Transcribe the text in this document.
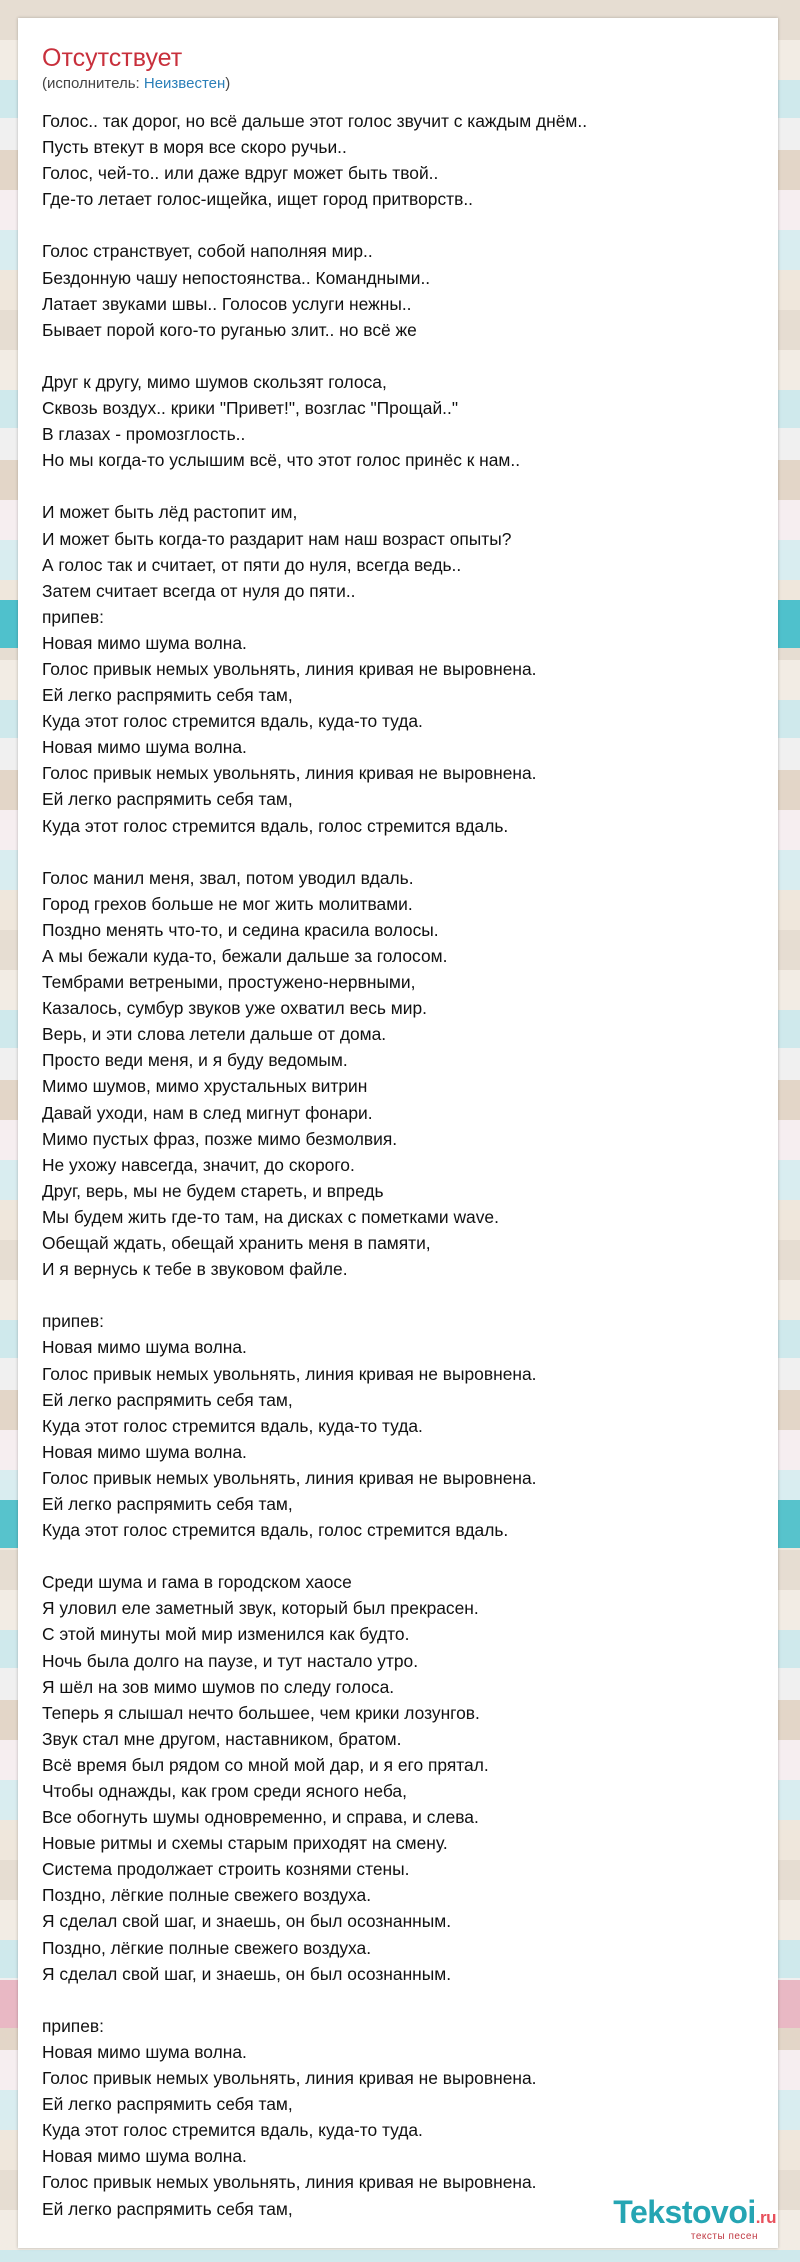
Отсутствует
(исполнитель: Неизвестен)
Голос.. так дорог, но всё дальше этот голос звучит с каждым днём..
Пусть втекут в моря все скоро ручьи..
Голос, чей-то.. или даже вдруг может быть твой..
Где-то летает голос-ищейка, ищет город притворств..
Голос странствует, собой наполняя мир..
Бездонную чашу непостоянства.. Командными..
Латает звуками швы.. Голосов услуги нежны..
Бывает порой кого-то руганью злит.. но всё же
Друг к другу, мимо шумов скользят голоса,
Сквозь воздух.. крики "Привет!", возглас "Прощай.."
В глазах - промозглость..
Но мы когда-то услышим всё, что этот голос принёс к нам..
И может быть лёд растопит им,
И может быть когда-то раздарит нам наш возраст опыты?
А голос так и считает, от пяти до нуля, всегда ведь..
Затем считает всегда от нуля до пяти..
припев:
Новая мимо шума волна.
Голос привык немых увольнять, линия кривая не выровнена.
Ей легко распрямить себя там,
Куда этот голос стремится вдаль, куда-то туда.
Новая мимо шума волна.
Голос привык немых увольнять, линия кривая не выровнена.
Ей легко распрямить себя там,
Куда этот голос стремится вдаль, голос стремится вдаль.
Голос манил меня, звал, потом уводил вдаль.
Город грехов больше не мог жить молитвами.
Поздно менять что-то, и седина красила волосы.
А мы бежали куда-то, бежали дальше за голосом.
Тембрами ветреными, простужено-нервными,
Казалось, сумбур звуков уже охватил весь мир.
Верь, и эти слова летели дальше от дома.
Просто веди меня, и я буду ведомым.
Мимо шумов, мимо хрустальных витрин
Давай уходи, нам в след мигнут фонари.
Мимо пустых фраз, позже мимо безмолвия.
Не ухожу навсегда, значит, до скорого.
Друг, верь, мы не будем стареть, и впредь
Мы будем жить где-то там, на дисках с пометками wave.
Обещай ждать, обещай хранить меня в памяти,
И я вернусь к тебе в звуковом файле.
припев:
Новая мимо шума волна.
Голос привык немых увольнять, линия кривая не выровнена.
Ей легко распрямить себя там,
Куда этот голос стремится вдаль, куда-то туда.
Новая мимо шума волна.
Голос привык немых увольнять, линия кривая не выровнена.
Ей легко распрямить себя там,
Куда этот голос стремится вдаль, голос стремится вдаль.
Среди шума и гама в городском хаосе
Я уловил еле заметный звук, который был прекрасен.
С этой минуты мой мир изменился как будто.
Ночь была долго на паузе, и тут настало утро.
Я шёл на зов мимо шумов по следу голоса.
Теперь я слышал нечто большее, чем крики лозунгов.
Звук стал мне другом, наставником, братом.
Всё время был рядом со мной мой дар, и я его прятал.
Чтобы однажды, как гром среди ясного неба,
Все обогнуть шумы одновременно, и справа, и слева.
Новые ритмы и схемы старым приходят на смену.
Система продолжает строить кознями стены.
Поздно, лёгкие полные свежего воздуха.
Я сделал свой шаг, и знаешь, он был осознанным.
Поздно, лёгкие полные свежего воздуха.
Я сделал свой шаг, и знаешь, он был осознанным.
припев:
Новая мимо шума волна.
Голос привык немых увольнять, линия кривая не выровнена.
Ей легко распрямить себя там,
Куда этот голос стремится вдаль, куда-то туда.
Новая мимо шума волна.
Голос привык немых увольнять, линия кривая не выровнена.
Ей легко распрямить себя там,	Tekstovoi.ru
тексты песен
